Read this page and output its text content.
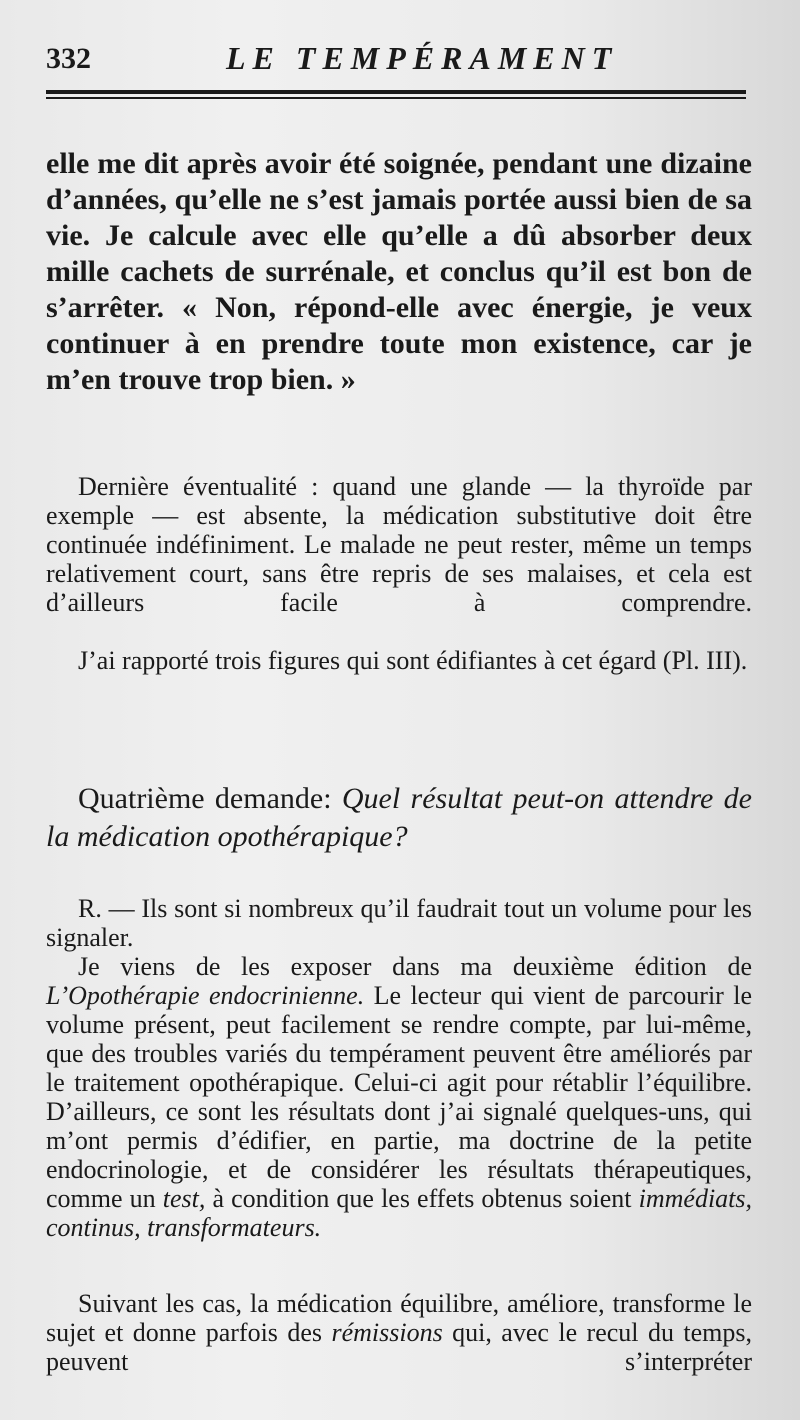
332	LE TEMPÉRAMENT

elle me dit après avoir été soignée, pendant une dizaine d’années, qu’elle ne s’est jamais portée aussi bien de sa vie. Je calcule avec elle qu’elle a dû absorber deux mille cachets de surrénale, et conclus qu’il est bon de s’arrêter. « Non, répond-elle avec énergie, je veux continuer à en prendre toute mon existence, car je m’en trouve trop bien. »

Dernière éventualité : quand une glande — la thyroïde par exemple — est absente, la médication substitutive doit être continuée indéfiniment. Le malade ne peut rester, même un temps relativement court, sans être repris de ses malaises, et cela est d’ailleurs facile à comprendre.

J’ai rapporté trois figures qui sont édifiantes à cet égard (Pl. III).

Quatrième demande: Quel résultat peut-on attendre de la médication opothérapique?

R. — Ils sont si nombreux qu’il faudrait tout un volume pour les signaler.

Je viens de les exposer dans ma deuxième édition de L’Opothérapie endocrinienne. Le lecteur qui vient de parcourir le volume présent, peut facilement se rendre compte, par lui-même, que des troubles variés du tempérament peuvent être améliorés par le traitement opothérapique. Celui-ci agit pour rétablir l’équilibre. D’ailleurs, ce sont les résultats dont j’ai signalé quelques-uns, qui m’ont permis d’édifier, en partie, ma doctrine de la petite endocrinologie, et de considérer les résultats thérapeutiques, comme un test, à condition que les effets obtenus soient immédiats, continus, transformateurs.

Suivant les cas, la médication équilibre, améliore, transforme le sujet et donne parfois des rémissions qui, avec le recul du temps, peuvent s’interpréter
